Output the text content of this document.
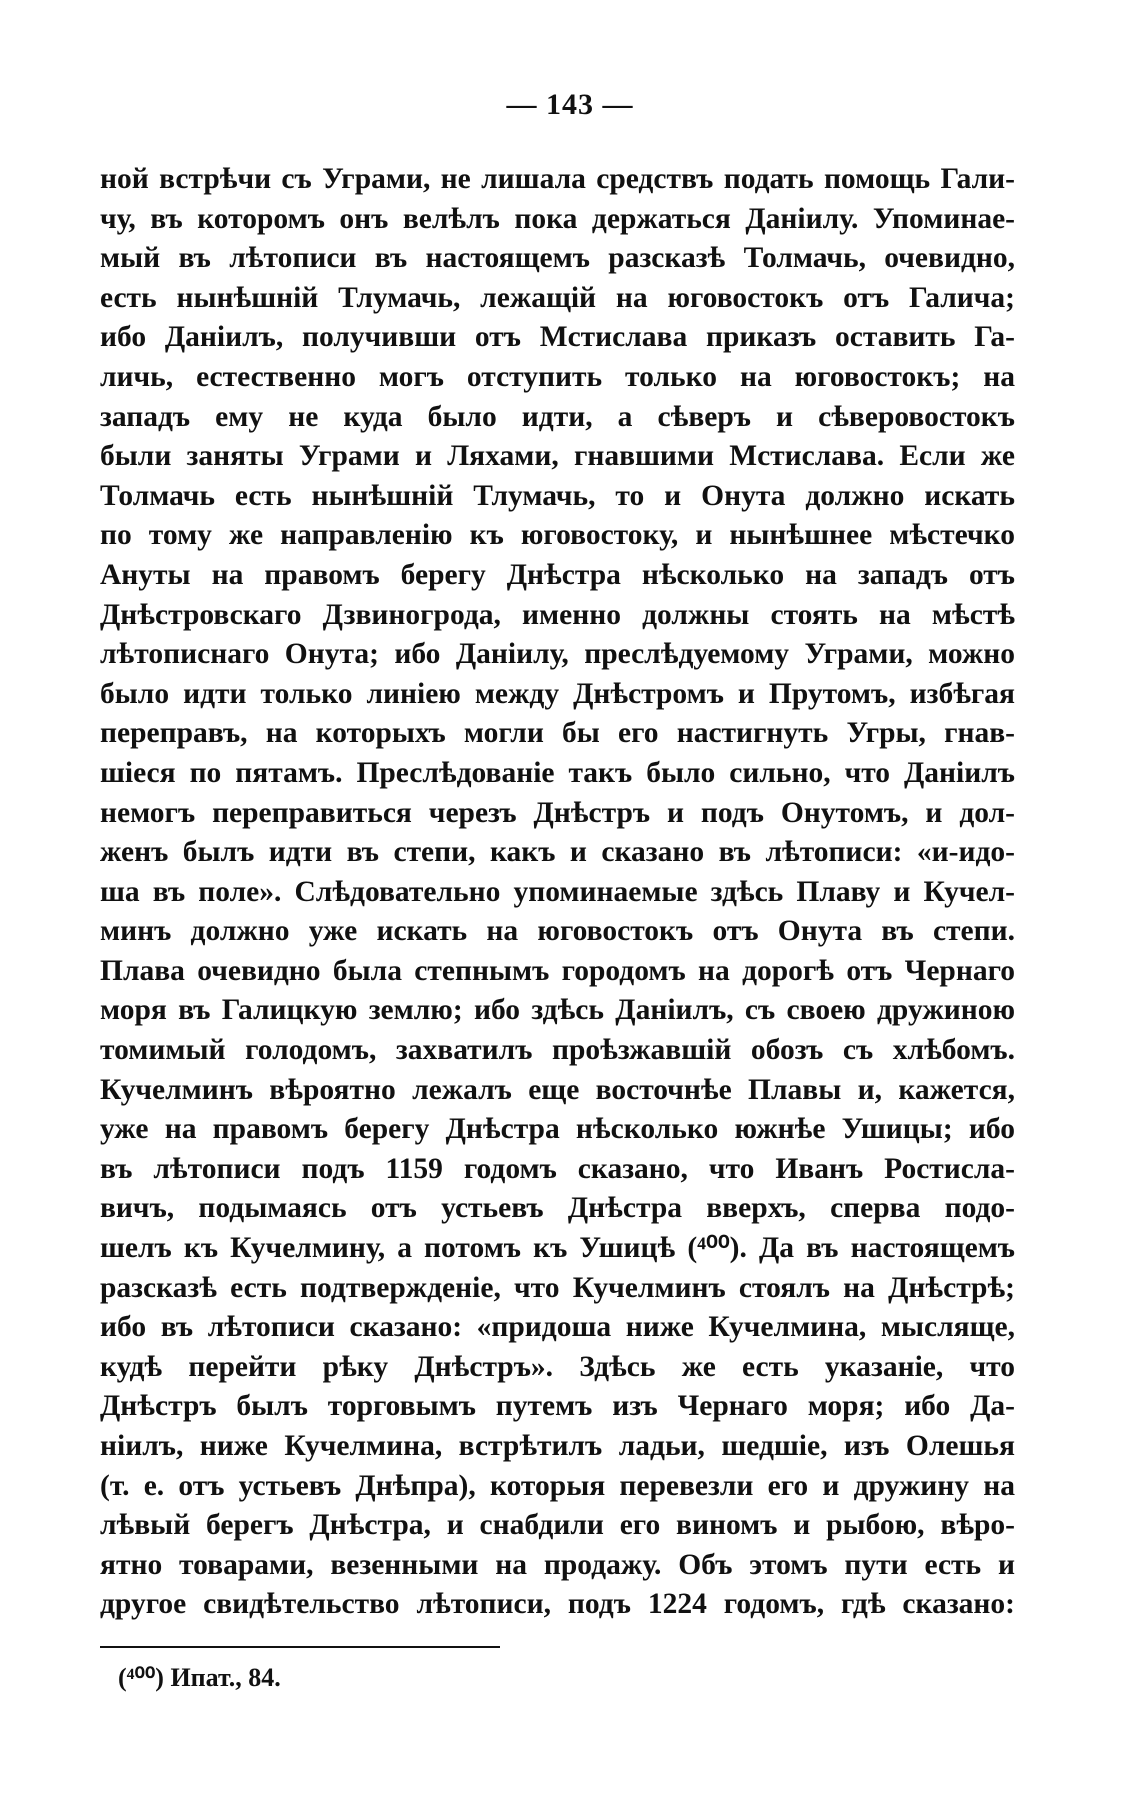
— 143 —
ной встрѣчи съ Уграми, не лишала средствъ подать помощь Гали-
чу, въ которомъ онъ велѣлъ пока держаться Даніилу. Упоминае-
мый въ лѣтописи въ настоящемъ разсказѣ Толмачь, очевидно,
есть нынѣшній Тлумачь, лежащій на юговостокъ отъ Галича;
ибо Даніилъ, получивши отъ Мстислава приказъ оставить Га-
личь, естественно могъ отступить только на юговостокъ; на
западъ ему не куда было идти, а сѣверъ и сѣверовостокъ
были заняты Уграми и Ляхами, гнавшими Мстислава. Если же
Толмачь есть нынѣшній Тлумачь, то и Онута должно искать
по тому же направленію къ юговостоку, и нынѣшнее мѣстечко
Ануты на правомъ берегу Днѣстра нѣсколько на западъ отъ
Днѣстровскаго Дзвиногрода, именно должны стоять на мѣстѣ
лѣтописнаго Онута; ибо Даніилу, преслѣдуемому Уграми, можно
было идти только линіею между Днѣстромъ и Прутомъ, избѣгая
переправъ, на которыхъ могли бы его настигнуть Угры, гнав-
шіеся по пятамъ. Преслѣдованіе такъ было сильно, что Даніилъ
немогъ переправиться черезъ Днѣстръ и подъ Онутомъ, и дол-
женъ былъ идти въ степи, какъ и сказано въ лѣтописи: «и-идо-
ша въ поле». Слѣдовательно упоминаемые здѣсь Плаву и Кучел-
минъ должно уже искать на юговостокъ отъ Онута въ степи.
Плава очевидно была степнымъ городомъ на дорогѣ отъ Чернаго
моря въ Галицкую землю; ибо здѣсь Даніилъ, съ своею дружиною
томимый голодомъ, захватилъ проѣзжавшій обозъ съ хлѣбомъ.
Кучелминъ вѣроятно лежалъ еще восточнѣе Плавы и, кажется,
уже на правомъ берегу Днѣстра нѣсколько южнѣе Ушицы; ибо
въ лѣтописи подъ 1159 годомъ сказано, что Иванъ Ростисла-
вичъ, подымаясь отъ устьевъ Днѣстра вверхъ, сперва подо-
шелъ къ Кучелмину, а потомъ къ Ушицѣ (⁴⁰⁰). Да въ настоящемъ
разсказѣ есть подтвержденіе, что Кучелминъ стоялъ на Днѣстрѣ;
ибо въ лѣтописи сказано: «придоша ниже Кучелмина, мыслящe,
кудѣ перейти рѣку Днѣстръ». Здѣсь же есть указаніе, что
Днѣстръ былъ торговымъ путемъ изъ Чернаго моря; ибо Да-
ніилъ, ниже Кучелмина, встрѣтилъ ладьи, шедшіе, изъ Олешья
(т. е. отъ устьевъ Днѣпра), которыя перевезли его и дружину на
лѣвый берегъ Днѣстра, и снабдили его виномъ и рыбою, вѣро-
ятно товарами, везенными на продажу. Объ этомъ пути есть и
другое свидѣтельство лѣтописи, подъ 1224 годомъ, гдѣ сказано:
(⁴⁰⁰) Ипат., 84.
